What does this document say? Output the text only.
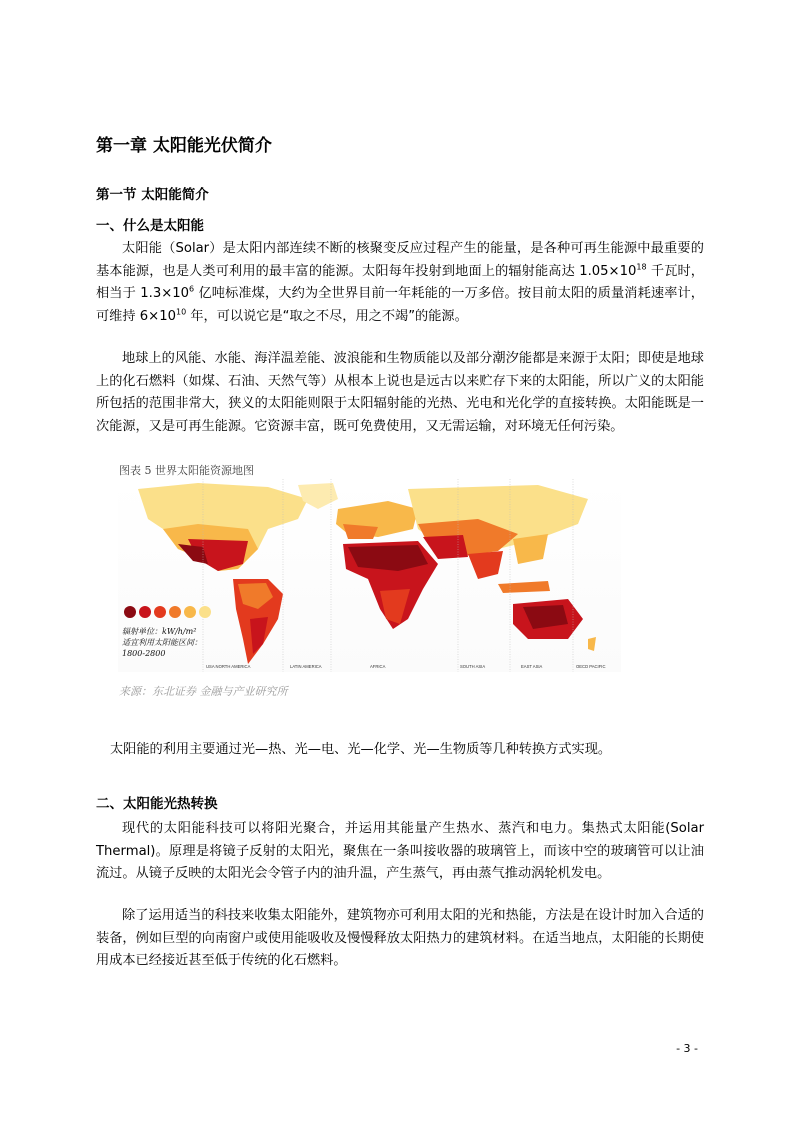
第一章 太阳能光伏简介
第一节 太阳能简介
一、什么是太阳能

太阳能（Solar）是太阳内部连续不断的核聚变反应过程产生的能量，是各种可再生能源中最重要的基本能源，也是人类可利用的最丰富的能源。太阳每年投射到地面上的辐射能高达 $1.05\times 10^{18}$ 千瓦时，相当于 $1.3\times 10^6$ 亿吨标准煤，大约为全世界目前一年耗能的一万多倍。按目前太阳的质量消耗速率计，可维持 $6\times 10^{10}$ 年，可以说它是“取之不尽，用之不竭”的能源。

地球上的风能、水能、海洋温差能、波浪能和生物质能以及部分潮汐能都是来源于太阳；即使是地球上的化石燃料（如煤、石油、天然气等）从根本上说也是远古以来贮存下来的太阳能，所以广义的太阳能所包括的范围非常大，狭义的太阳能则限于太阳辐射能的光热、光电和光化学的直接转换。太阳能既是一次能源，又是可再生能源。它资源丰富，既可免费使用，又无需运输，对环境无任何污染。

图表 5 世界太阳能资源地图
辐射单位：kW/h/m²
适宜利用太阳能区间：
1800-2800
USA NORTH AMERICA	LATIN AMERICA	AFRICA	SOUTH ASIA	EAST ASIA	OECD PACIFIC
来源：东北证券 金融与产业研究所

太阳能的利用主要通过光—热、光—电、光—化学、光—生物质等几种转换方式实现。

二、太阳能光热转换

现代的太阳能科技可以将阳光聚合，并运用其能量产生热水、蒸汽和电力。集热式太阳能(Solar Thermal)。原理是将镜子反射的太阳光，聚焦在一条叫接收器的玻璃管上，而该中空的玻璃管可以让油流过。从镜子反映的太阳光会令管子内的油升温，产生蒸气，再由蒸气推动涡轮机发电。

除了运用适当的科技来收集太阳能外，建筑物亦可利用太阳的光和热能，方法是在设计时加入合适的装备，例如巨型的向南窗户或使用能吸收及慢慢释放太阳热力的建筑材料。在适当地点，太阳能的长期使用成本已经接近甚至低于传统的化石燃料。

- 3 -
